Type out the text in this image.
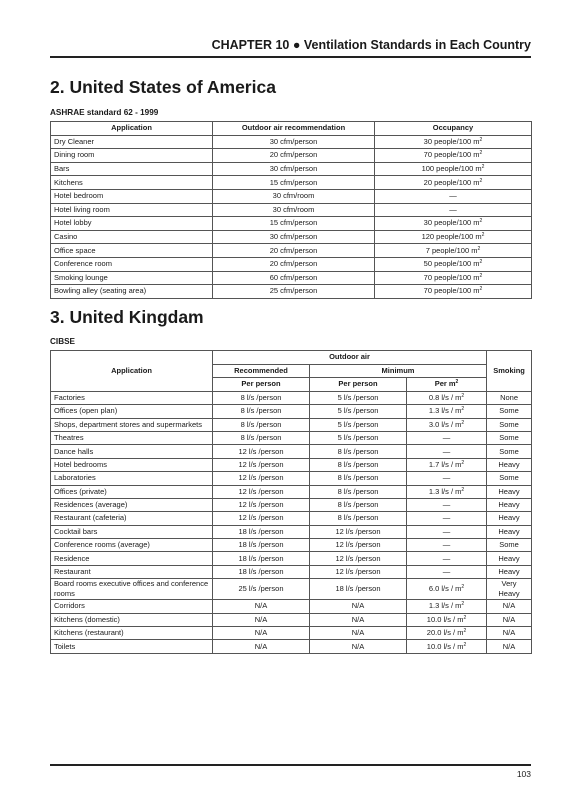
CHAPTER 10 ● Ventilation Standards in Each Country
2. United States of America
ASHRAE standard 62 - 1999
Application	Outdoor air recommendation	Occupancy
Dry Cleaner	30 cfm/person	30 people/100 $m^2$
Dining room	20 cfm/person	70 people/100 $m^2$
Bars	30 cfm/person	100 people/100 $m^2$
Kitchens	15 cfm/person	20 people/100 $m^2$
Hotel bedroom	30 cfm/room	—
Hotel living room	30 cfm/room	—
Hotel lobby	15 cfm/person	30 people/100 $m^2$
Casino	30 cfm/person	120 people/100 $m^2$
Office space	20 cfm/person	7 people/100 $m^2$
Conference room	20 cfm/person	50 people/100 $m^2$
Smoking lounge	60 cfm/person	70 people/100 $m^2$
Bowling alley (seating area)	25 cfm/person	70 people/100 $m^2$
3. United Kingdam
CIBSE
Application	Outdoor air			Smoking
	Recommended	Minimum		
	Per person	Per person	Per $m^2$
Factories	8 l/s /person	5 l/s /person	0.8 $l/s / m^2$	None
Offices (open plan)	8 l/s /person	5 l/s /person	1.3 $l/s / m^2$	Some
Shops, department stores and supermarkets	8 l/s /person	5 l/s /person	3.0 $l/s / m^2$	Some
Theatres	8 l/s /person	5 l/s /person	—	Some
Dance halls	12 l/s /person	8 l/s /person	—	Some
Hotel bedrooms	12 l/s /person	8 l/s /person	1.7 $l/s / m^2$	Heavy
Laboratories	12 l/s /person	8 l/s /person	—	Some
Offices (private)	12 l/s /person	8 l/s /person	1.3 $l/s / m^2$	Heavy
Residences (average)	12 l/s /person	8 l/s /person	—	Heavy
Restaurant (cafeteria)	12 l/s /person	8 l/s /person	—	Heavy
Cocktail bars	18 l/s /person	12 l/s /person	—	Heavy
Conference rooms (average)	18 l/s /person	12 l/s /person	—	Some
Residence	18 l/s /person	12 l/s /person	—	Heavy
Restaurant	18 l/s /person	12 l/s /person	—	Heavy
Board rooms executive offices and conference rooms	25 l/s /person	18 l/s /person	6.0 $l/s / m^2$	Very Heavy
Corridors	N/A	N/A	1.3 $l/s / m^2$	N/A
Kitchens (domestic)	N/A	N/A	10.0 $l/s / m^2$	N/A
Kitchens (restaurant)	N/A	N/A	20.0 $l/s / m^2$	N/A
Toilets	N/A	N/A	10.0 $l/s / m^2$	N/A
103
